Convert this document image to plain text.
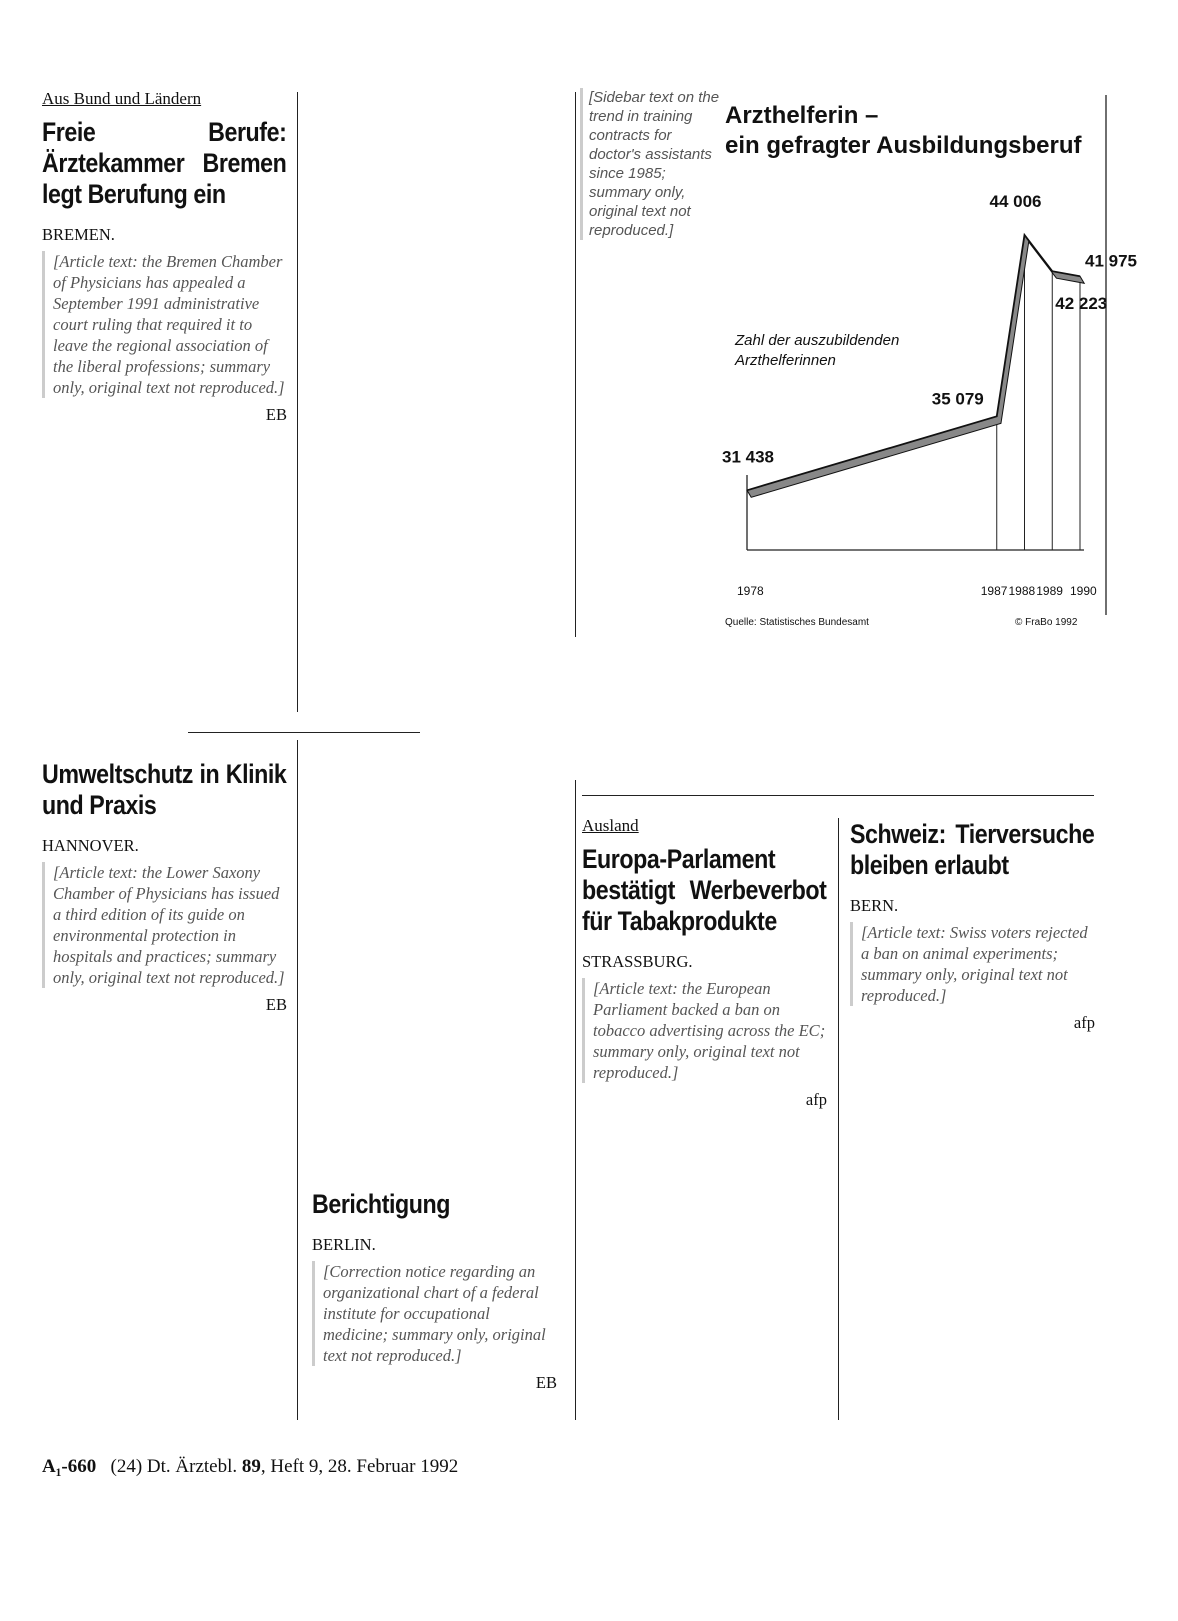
Aus Bund und Ländern
Freie Berufe: Ärztekammer Bremen legt Berufung ein

BREMEN.

[Article text: the Bremen Chamber of Physicians has appealed a September 1991 administrative court ruling that required it to leave the regional association of the liberal professions; summary only, original text not reproduced.]

EB

[Sidebar text on the trend in training contracts for doctor's assistants since 1985; summary only, original text not reproduced.]

Arzthelferin –
ein gefragter Ausbildungsberuf
Zahl der auszubildenden
Arzthelferinnen
31 438
35 079
44 006
42 223
41 975
1978	1987 1988 1989 1990
Quelle: Statistisches Bundesamt	© FraBo 1992
Umweltschutz in Klinik und Praxis

HANNOVER.

[Article text: the Lower Saxony Chamber of Physicians has issued a third edition of its guide on environmental protection in hospitals and practices; summary only, original text not reproduced.]

EB
Berichtigung

BERLIN.

[Correction notice regarding an organizational chart of a federal institute for occupational medicine; summary only, original text not reproduced.]

EB
Ausland
Europa-Parlament bestätigt Werbeverbot für Tabakprodukte

STRASSBURG.

[Article text: the European Parliament backed a ban on tobacco advertising across the EC; summary only, original text not reproduced.]

afp
Schweiz: Tierversuche bleiben erlaubt

BERN.

[Article text: Swiss voters rejected a ban on animal experiments; summary only, original text not reproduced.]

afp
A₁-660 (24) Dt. Ärztebl. 89, Heft 9, 28. Februar 1992
